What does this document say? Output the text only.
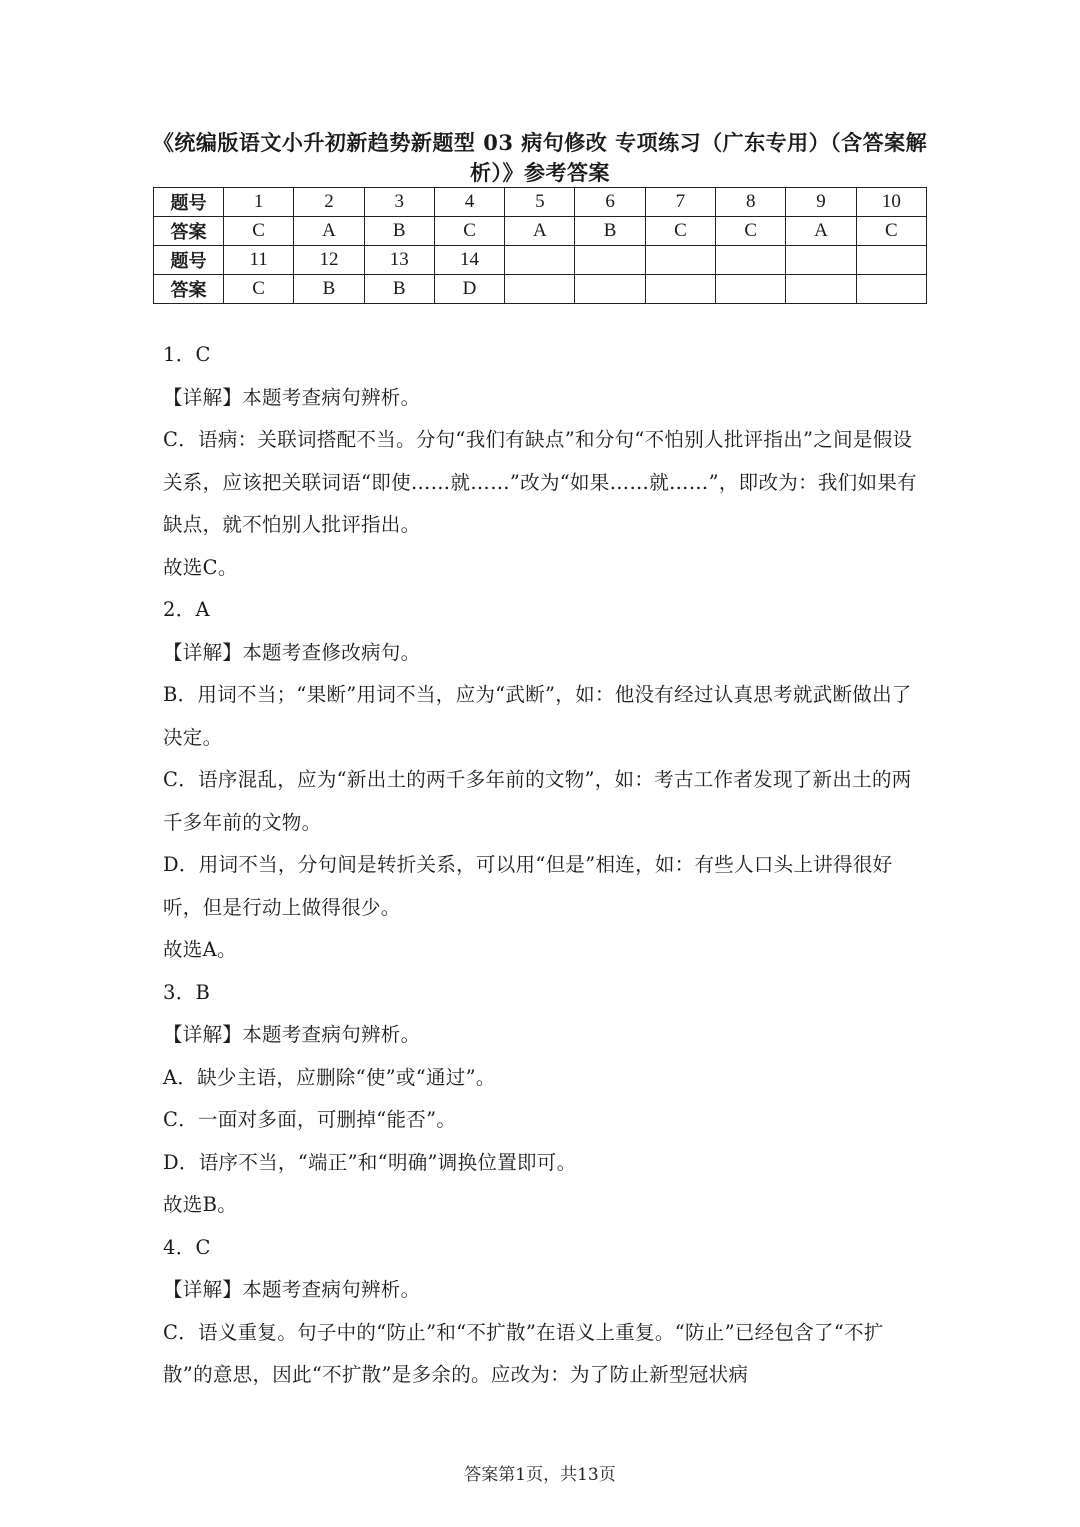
《统编版语文小升初新趋势新题型 03 病句修改 专项练习（广东专用）（含答案解析）》参考答案
题号	1	2	3	4	5	6	7	8	9	10
答案	C	A	B	C	A	B	C	C	A	C
题号	11	12	13	14						
答案	C	B	B	D						

1．C

【详解】本题考查病句辨析。

C．语病：关联词搭配不当。分句“我们有缺点”和分句“不怕别人批评指出”之间是假设关系，应该把关联词语“即使……就……”改为“如果……就……”，即改为：我们如果有缺点，就不怕别人批评指出。

故选C。

2．A

【详解】本题考查修改病句。

B．用词不当；“果断”用词不当，应为“武断”，如：他没有经过认真思考就武断做出了决定。

C．语序混乱，应为“新出土的两千多年前的文物”，如：考古工作者发现了新出土的两千多年前的文物。

D．用词不当，分句间是转折关系，可以用“但是”相连，如：有些人口头上讲得很好听，但是行动上做得很少。

故选A。

3．B

【详解】本题考查病句辨析。

A．缺少主语，应删除“使”或“通过”。

C．一面对多面，可删掉“能否”。

D．语序不当，“端正”和“明确”调换位置即可。

故选B。

4．C

【详解】本题考查病句辨析。

C．语义重复。句子中的“防止”和“不扩散”在语义上重复。“防止”已经包含了“不扩散”的意思，因此“不扩散”是多余的。应改为：为了防止新型冠状病

答案第1页，共13页
